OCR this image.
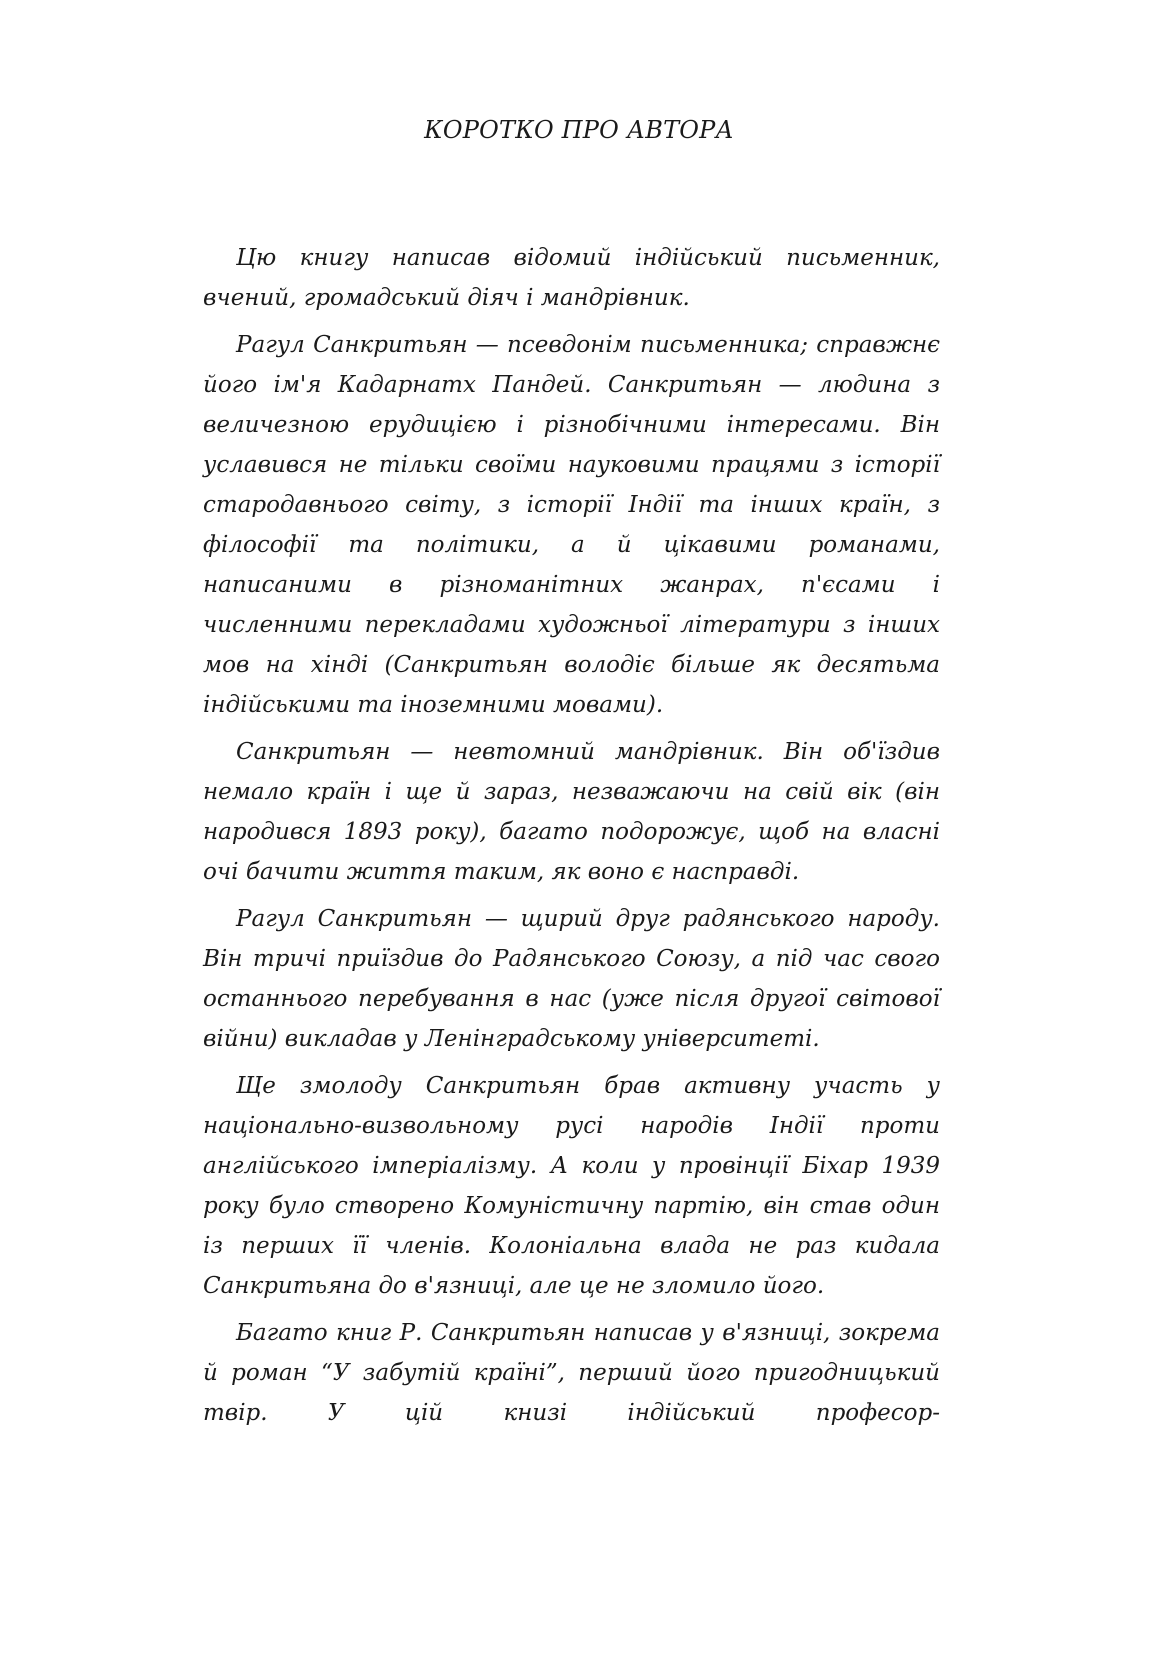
КОРОТКО ПРО АВТОРА

Цю книгу написав відомий індійський письменник, вчений, громадський діяч і мандрівник.

Рагул Санкритьян — псевдонім письменника; справжнє його ім'я Кадарнатх Пандей. Санкритьян — людина з величезною ерудицією і різнобічними інтересами. Він уславився не тільки своїми науковими працями з історії стародавнього світу, з історії Індії та інших країн, з філософії та політики, а й цікавими романами, написаними в різноманітних жанрах, п'єсами і численними перекладами художньої літератури з інших мов на хінді (Санкритьян володіє більше як десятьма індійськими та іноземними мовами).

Санкритьян — невтомний мандрівник. Він об'їздив немало країн і ще й зараз, незважаючи на свій вік (він народився 1893 року), багато подорожує, щоб на власні очі бачити життя таким, як воно є насправді.

Рагул Санкритьян — щирий друг радянського народу. Він тричі приїздив до Радянського Союзу, а під час свого останнього перебування в нас (уже після другої світової війни) викладав у Ленінградському університеті.

Ще змолоду Санкритьян брав активну участь у національно-визвольному русі народів Індії проти англійського імперіалізму. А коли у провінції Біхар 1939 року було створено Комуністичну партію, він став один із перших її членів. Колоніальна влада не раз кидала Санкритьяна до в'язниці, але це не зломило його.

Багато книг Р. Санкритьян написав у в'язниці, зокрема й роман “У забутій країні”, перший його пригодницький твір. У цій книзі індійський професор-
